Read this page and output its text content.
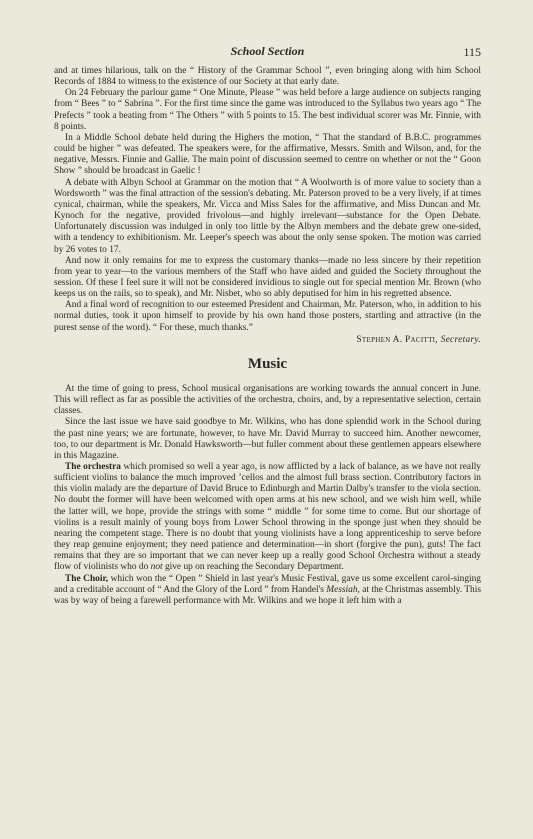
School Section	115

and at times hilarious, talk on the “ History of the Grammar School ”, even bringing along with him School Records of 1884 to witness to the existence of our Society at that early date.

On 24 February the parlour game “ One Minute, Please ” was held before a large audience on subjects ranging from “ Bees ” to “ Sabrina ”. For the first time since the game was introduced to the Syllabus two years ago “ The Prefects ” took a beating from “ The Others ” with 5 points to 15. The best individual scorer was Mr. Finnie, with 8 points.

In a Middle School debate held during the Highers the motion, “ That the standard of B.B.C. programmes could be higher ” was defeated. The speakers were, for the affirmative, Messrs. Smith and Wilson, and, for the negative, Messrs. Finnie and Gallie. The main point of discussion seemed to centre on whether or not the “ Goon Show ” should be broadcast in Gaelic !

A debate with Albyn School at Grammar on the motion that “ A Woolworth is of more value to society than a Wordsworth ” was the final attraction of the session's debating. Mr. Paterson proved to be a very lively, if at times cynical, chairman, while the speakers, Mr. Vicca and Miss Sales for the affirmative, and Miss Duncan and Mr. Kynoch for the negative, provided frivolous—and highly irrelevant—substance for the Open Debate. Unfortunately discussion was indulged in only too little by the Albyn members and the debate grew one-sided, with a tendency to exhibitionism. Mr. Leeper's speech was about the only sense spoken. The motion was carried by 26 votes to 17.

And now it only remains for me to express the customary thanks—made no less sincere by their repetition from year to year—to the various members of the Staff who have aided and guided the Society throughout the session. Of these I feel sure it will not be considered invidious to single out for special mention Mr. Brown (who keeps us on the rails, so to speak), and Mr. Nisbet, who so ably deputised for him in his regretted absence.

And a final word of recognition to our esteemed President and Chairman, Mr. Paterson, who, in addition to his normal duties, took it upon himself to provide by his own hand those posters, startling and attractive (in the purest sense of the word). “ For these, much thanks.”

Stephen A. Pacitti, Secretary.
Music

At the time of going to press, School musical organisations are working towards the annual concert in June. This will reflect as far as possible the activities of the orchestra, choirs, and, by a representative selection, certain classes.

Since the last issue we have said goodbye to Mr. Wilkins, who has done splendid work in the School during the past nine years; we are fortunate, however, to have Mr. David Murray to succeed him. Another newcomer, too, to our department is Mr. Donald Hawksworth—but fuller comment about these gentlemen appears elsewhere in this Magazine.

The orchestra which promised so well a year ago, is now afflicted by a lack of balance, as we have not really sufficient violins to balance the much improved ’cellos and the almost full brass section. Contributory factors in this violin malady are the departure of David Bruce to Edinburgh and Martin Dalby's transfer to the viola section. No doubt the former will have been welcomed with open arms at his new school, and we wish him well, while the latter will, we hope, provide the strings with some “ middle ” for some time to come. But our shortage of violins is a result mainly of young boys from Lower School throwing in the sponge just when they should be nearing the competent stage. There is no doubt that young violinists have a long apprenticeship to serve before they reap genuine enjoyment; they need patience and determination—in short (forgive the pun), guts! The fact remains that they are so important that we can never keep up a really good School Orchestra without a steady flow of violinists who do not give up on reaching the Secondary Department.

The Choir, which won the “ Open ” Shield in last year's Music Festival, gave us some excellent carol-singing and a creditable account of “ And the Glory of the Lord ” from Handel's Messiah, at the Christmas assembly. This was by way of being a farewell performance with Mr. Wilkins and we hope it left him with a
